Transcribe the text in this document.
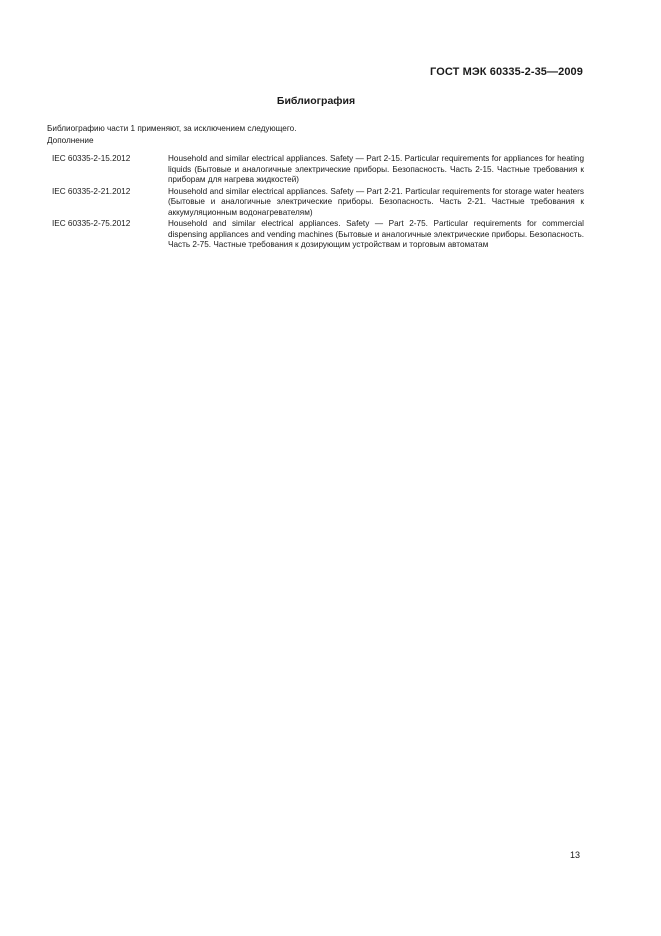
ГОСТ МЭК 60335-2-35—2009
Библиография
Библиографию части 1 применяют, за исключением следующего.
Дополнение
IEC 60335-2-15.2012	Household and similar electrical appliances. Safety — Part 2-15. Particular requirements for appliances for heating liquids (Бытовые и аналогичные электрические приборы. Безопасность. Часть 2-15. Частные требования к приборам для нагрева жидкостей)
IEC 60335-2-21.2012	Household and similar electrical appliances. Safety — Part 2-21. Particular requirements for storage water heaters (Бытовые и аналогичные электрические приборы. Безопасность. Часть 2-21. Частные требования к аккумуляционным водонагревателям)
IEC 60335-2-75.2012	Household and similar electrical appliances. Safety — Part 2-75. Particular requirements for commercial dispensing appliances and vending machines (Бытовые и аналогичные электрические приборы. Безопасность. Часть 2-75. Частные требования к дозирующим устройствам и торговым автоматам
13
